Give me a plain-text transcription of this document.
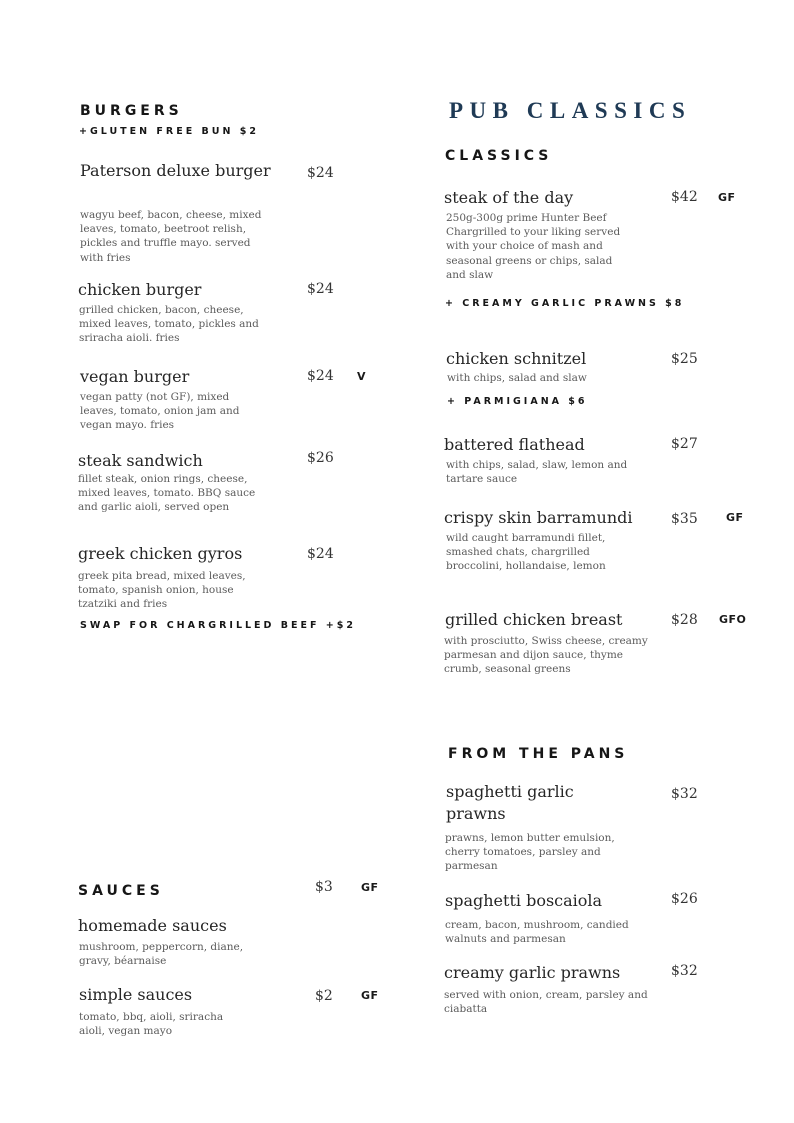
BURGERS
+GLUTEN FREE BUN $2
Paterson deluxe burger	$24
wagyu beef, bacon, cheese, mixed leaves, tomato, beetroot relish, pickles and truffle mayo. served with fries
chicken burger	$24
grilled chicken, bacon, cheese, mixed leaves, tomato, pickles and sriracha aioli. fries
vegan burger	$24 V
vegan patty (not GF), mixed leaves, tomato, onion jam and vegan mayo. fries
steak sandwich	$26
fillet steak, onion rings, cheese, mixed leaves, tomato. BBQ sauce and garlic aioli, served open
greek chicken gyros	$24
greek pita bread, mixed leaves, tomato, spanish onion, house tzatziki and fries
SWAP FOR CHARGRILLED BEEF +$2
SAUCES	$3	GF
homemade sauces
mushroom, peppercorn, diane, gravy, béarnaise
simple sauces	$2	GF
tomato, bbq, aioli, sriracha aioli, vegan mayo
PUB CLASSICS
CLASSICS
steak of the day	$42 GF
250g-300g prime Hunter Beef Chargrilled to your liking served with your choice of mash and seasonal greens or chips, salad and slaw
+ CREAMY GARLIC PRAWNS $8
chicken schnitzel	$25
with chips, salad and slaw
+ PARMIGIANA $6
battered flathead	$27
with chips, salad, slaw, lemon and tartare sauce
crispy skin barramundi	$35	GF
wild caught barramundi fillet, smashed chats, chargrilled broccolini, hollandaise, lemon
grilled chicken breast	$28 GFO
with prosciutto, Swiss cheese, creamy parmesan and dijon sauce, thyme crumb, seasonal greens
FROM THE PANS
spaghetti garlic prawns
$32
prawns, lemon butter emulsion, cherry tomatoes, parsley and parmesan
spaghetti boscaiola	$26
cream, bacon, mushroom, candied walnuts and parmesan
creamy garlic prawns	$32
served with onion, cream, parsley and ciabatta
